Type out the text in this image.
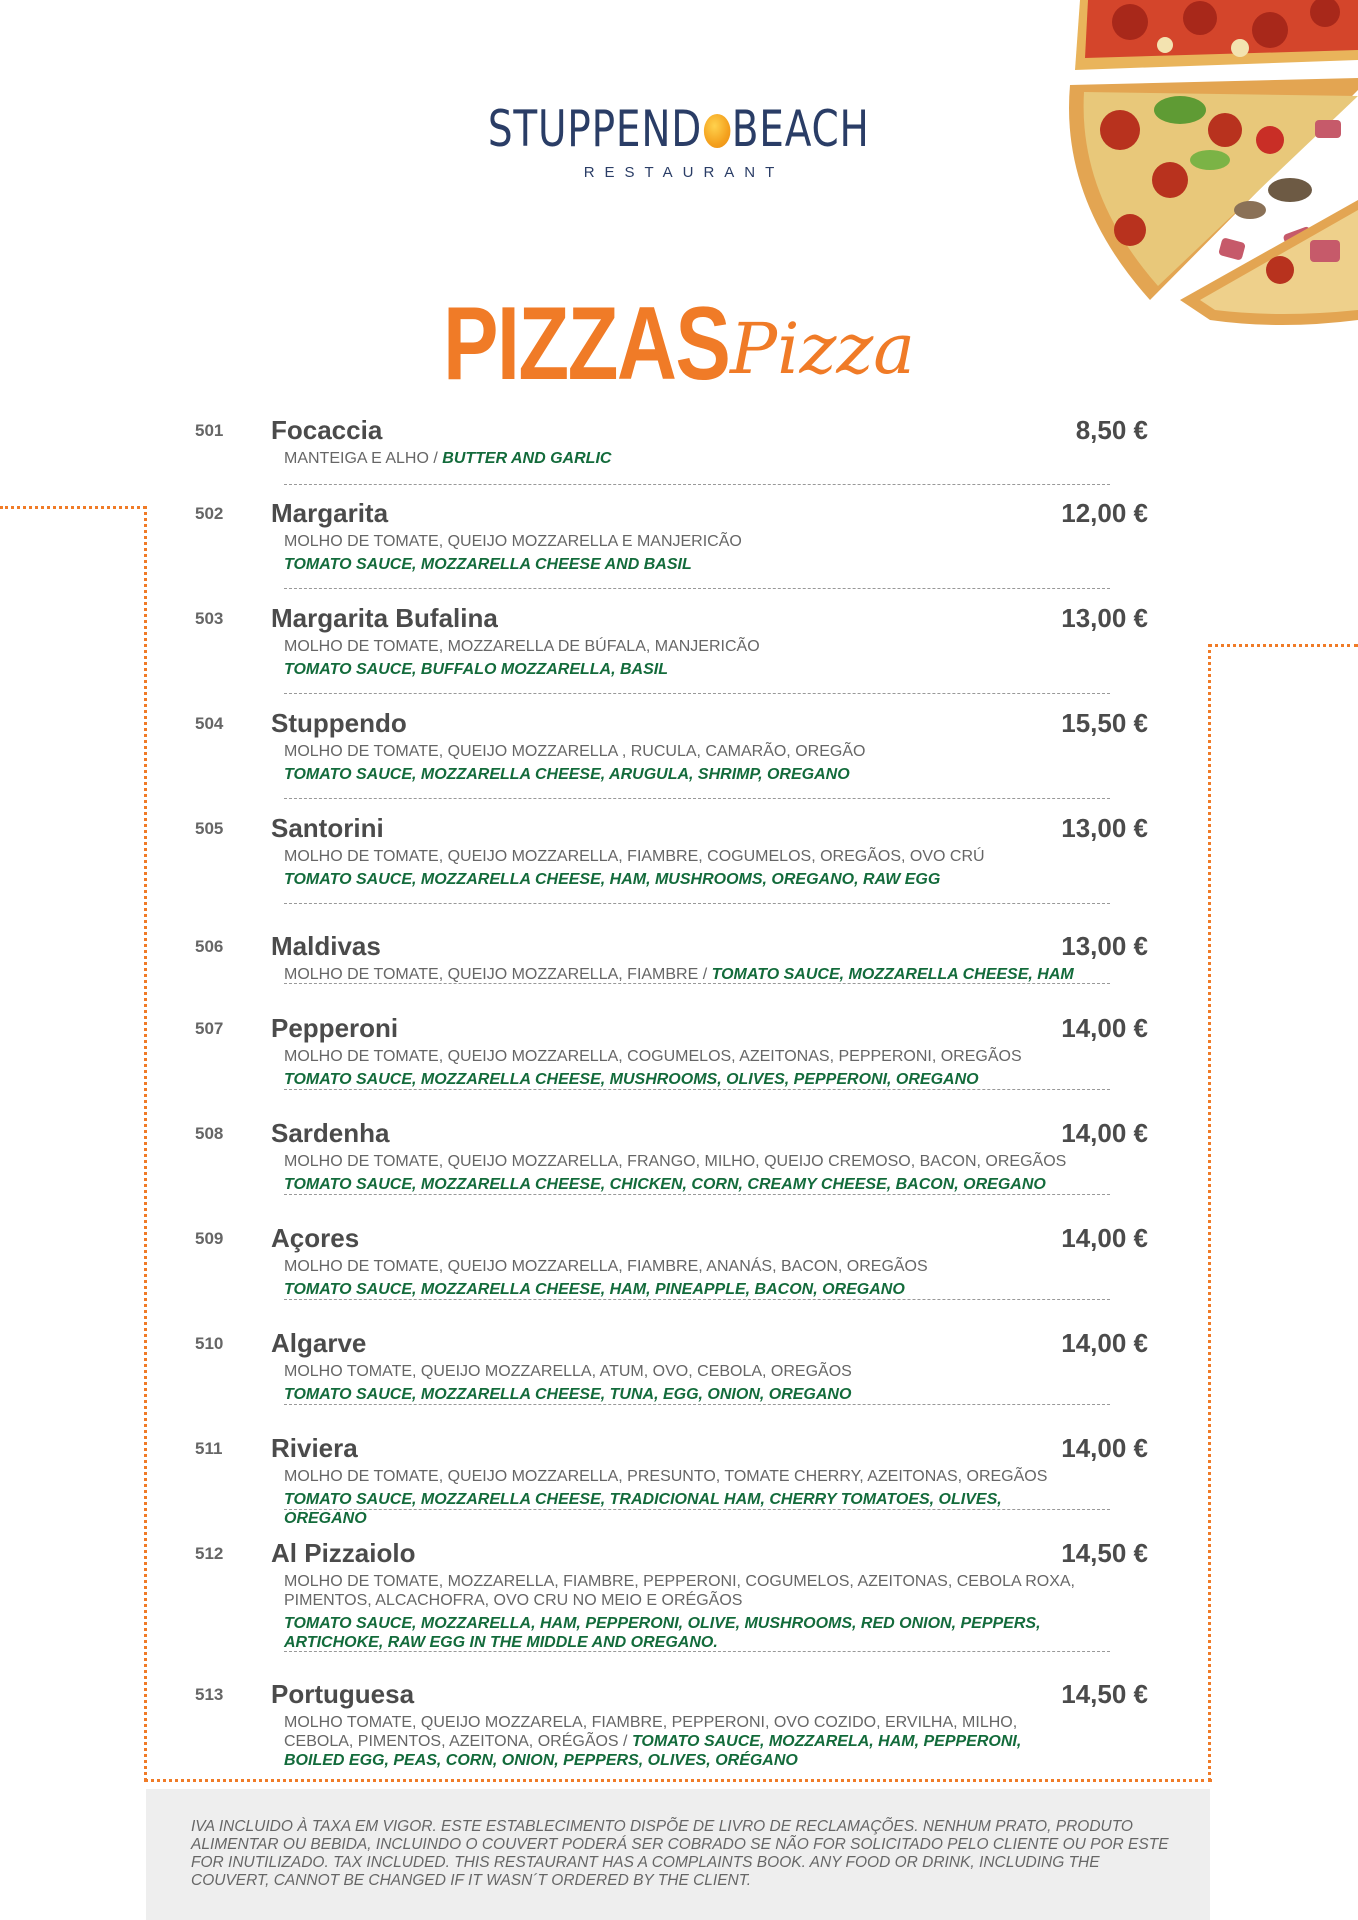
STUPPEND BEACH
RESTAURANT
PIZZAS Pizza
501 Focaccia	8,50 €
MANTEIGA E ALHO / BUTTER AND GARLIC
502 Margarita	12,00 €
MOLHO DE TOMATE, QUEIJO MOZZARELLA E MANJERICÃO
TOMATO SAUCE, MOZZARELLA CHEESE AND BASIL
503 Margarita Bufalina	13,00 €
MOLHO DE TOMATE, MOZZARELLA DE BÚFALA, MANJERICÃO
TOMATO SAUCE, BUFFALO MOZZARELLA, BASIL
504 Stuppendo	15,50 €
MOLHO DE TOMATE, QUEIJO MOZZARELLA , RUCULA, CAMARÃO, OREGÃO
TOMATO SAUCE, MOZZARELLA CHEESE, ARUGULA, SHRIMP, OREGANO
505 Santorini	13,00 €
MOLHO DE TOMATE, QUEIJO MOZZARELLA, FIAMBRE, COGUMELOS, OREGÃOS, OVO CRÚ
TOMATO SAUCE, MOZZARELLA CHEESE, HAM, MUSHROOMS, OREGANO, RAW EGG
506 Maldivas	13,00 €
MOLHO DE TOMATE, QUEIJO MOZZARELLA, FIAMBRE / TOMATO SAUCE, MOZZARELLA CHEESE, HAM
507 Pepperoni	14,00 €
MOLHO DE TOMATE, QUEIJO MOZZARELLA, COGUMELOS, AZEITONAS, PEPPERONI, OREGÃOS
TOMATO SAUCE, MOZZARELLA CHEESE, MUSHROOMS, OLIVES, PEPPERONI, OREGANO
508 Sardenha	14,00 €
MOLHO DE TOMATE, QUEIJO MOZZARELLA, FRANGO, MILHO, QUEIJO CREMOSO, BACON, OREGÃOS
TOMATO SAUCE, MOZZARELLA CHEESE, CHICKEN, CORN, CREAMY CHEESE, BACON, OREGANO
509 Açores	14,00 €
MOLHO DE TOMATE, QUEIJO MOZZARELLA, FIAMBRE, ANANÁS, BACON, OREGÃOS
TOMATO SAUCE, MOZZARELLA CHEESE, HAM, PINEAPPLE, BACON, OREGANO
510 Algarve	14,00 €
MOLHO TOMATE, QUEIJO MOZZARELLA, ATUM, OVO, CEBOLA, OREGÃOS
TOMATO SAUCE, MOZZARELLA CHEESE, TUNA, EGG, ONION, OREGANO
511 Riviera	14,00 €
MOLHO DE TOMATE, QUEIJO MOZZARELLA, PRESUNTO, TOMATE CHERRY, AZEITONAS, OREGÃOS
TOMATO SAUCE, MOZZARELLA CHEESE, TRADICIONAL HAM, CHERRY TOMATOES, OLIVES, OREGANO
512 Al Pizzaiolo	14,50 €
MOLHO DE TOMATE, MOZZARELLA, FIAMBRE, PEPPERONI, COGUMELOS, AZEITONAS, CEBOLA ROXA, PIMENTOS, ALCACHOFRA, OVO CRU NO MEIO E ORÉGÃOS
TOMATO SAUCE, MOZZARELLA, HAM, PEPPERONI, OLIVE, MUSHROOMS, RED ONION, PEPPERS, ARTICHOKE, RAW EGG IN THE MIDDLE AND OREGANO.
513 Portuguesa	14,50 €
MOLHO TOMATE, QUEIJO MOZZARELA, FIAMBRE, PEPPERONI, OVO COZIDO, ERVILHA, MILHO, CEBOLA, PIMENTOS, AZEITONA, ORÉGÃOS / TOMATO SAUCE, MOZZARELA, HAM, PEPPERONI, BOILED EGG, PEAS, CORN, ONION, PEPPERS, OLIVES, ORÉGANO
IVA INCLUIDO À TAXA EM VIGOR. ESTE ESTABLECIMENTO DISPÕE DE LIVRO DE RECLAMAÇÕES. NENHUM PRATO, PRODUTO ALIMENTAR OU BEBIDA, INCLUINDO O COUVERT PODERÁ SER COBRADO SE NÃO FOR SOLICITADO PELO CLIENTE OU POR ESTE FOR INUTILIZADO. TAX INCLUDED. THIS RESTAURANT HAS A COMPLAINTS BOOK. ANY FOOD OR DRINK, INCLUDING THE COUVERT, CANNOT BE CHANGED IF IT WASN´T ORDERED BY THE CLIENT.
